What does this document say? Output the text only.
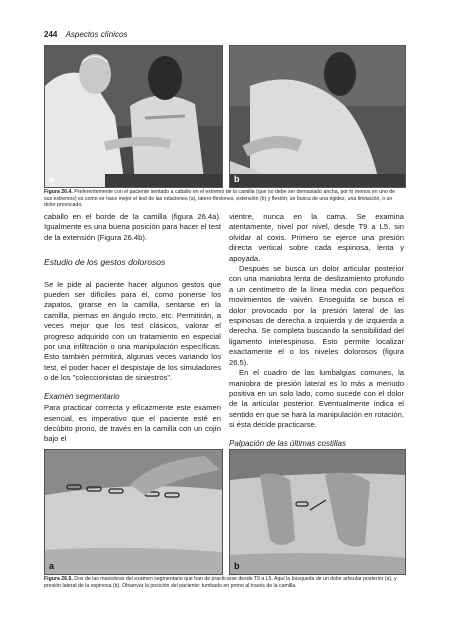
244 Aspectos clínicos
a	b
Figura 26.4. Preferentemente con el paciente sentado a caballo en el extremo de la camilla (que no debe ser demasiado ancha, por lo menos en uno de sus extremos) es como se hace mejor el test de las rotaciones (a), latero-flexiones, extensión (b) y flexión; un busca de una rigidez, una limitación, o un dolor provocado.

caballo en el borde de la camilla (figura 26.4a). Igualmente es una buena posición para hacer el test de la extensión (Figura 26.4b).

Estudio de los gestos dolorosos

Se le pide al paciente hacer algunos gestos que pueden ser difíciles para él, como ponerse los zapatos, girarse en la camilla, sentarse en la camilla, piernas en ángulo recto, etc. Permitirán, a veces mejor que los test clásicos, valorar el progreso adquirido con un tratamiento en especial por una infiltración o una manipulación específicas. Esto también permitirá, algunas veces variando los test, el poder hacer el despistaje de los simuladores o de los "coleccionistas de siniestros".

Examen segmentario

Para practicar correcta y eficazmente este examen esencial, es imperativo que el paciente esté en decúbito prono, de través en la camilla con un cojín bajo el

vientre, nunca en la cama. Se examina atentamente, nivel por nivel, desde T9 a L5, sin olvidar al coxis. Primero se ejerce una presión directa vertical sobre cada espinosa, lenta y apoyada.

Después se busca un dolor articular posterior con una maniobra lenta de deslizamiento profundo a un centímetro de la línea media con pequeños movimientos de vaivén. Enseguida se busca el dolor provocado por la presión lateral de las espinosas de derecha a izquierda y de izquierda a derecha. Se completa buscando la sensibilidad del ligamento interespinoso. Esto permite localizar exactamente el o los niveles dolorosos (figura 26.5).

En el cuadro de las lumbalgias comunes, la maniobra de presión lateral es lo más a menudo positiva en un solo lado, como sucede con el dolor de la articular posterior. Eventualmente indica el sentido en que se hará la manipulación en rotación, si ésta decide practicarse.

Palpación de las últimas costillas

a	b
Figura 26.5. Dos de las maniobras del examen segmentario que han de practicarse desde T9 a L5. Aquí la búsqueda de un dolor articular posterior (a), y presión lateral de la espinosa (b). Observar la posición del paciente: tumbado en prono al través de la camilla.
